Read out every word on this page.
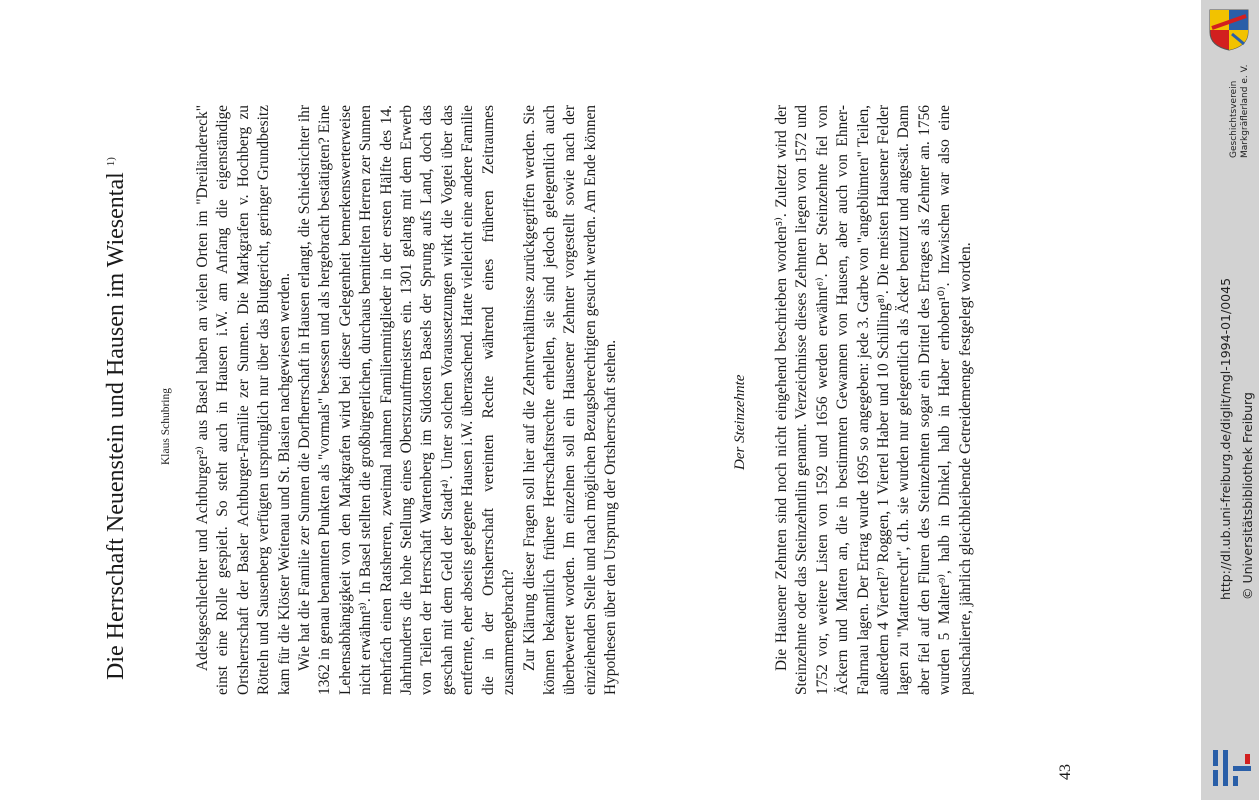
Die Herrschaft Neuenstein und Hausen im Wiesental $^{1)}$
Klaus Schubring Adelsgeschlechter und Achtburger²⁾ aus Basel haben an vielen Orten im "Dreiländereck" einst eine Rolle gespielt. So steht auch in Hausen i.W. am Anfang die eigenständige Ortsherrschaft der Basler Achtburger-Familie zer Sunnen. Die Markgrafen v. Hochberg zu Rötteln und Sausenberg verfügten ursprünglich nur über das Blutgericht, geringer Grundbesitz kam für die Klöster Weitenau und St. Blasien nachgewiesen werden. Wie hat die Familie zer Sunnen die Dorfherrschaft in Hausen erlangt, die Schiedsrichter ihr 1362 in genau benannten Punkten als "vormals" besessen und als hergebracht bestätigten? Eine Lehensabhängigkeit von den Markgrafen wird bei dieser Gelegenheit bemerkenswerterweise nicht erwähnt³⁾. In Basel stellten die großbürgerlichen, durchaus bemittelten Herren zer Sunnen mehrfach einen Ratsherren, zweimal nahmen Familienmitglieder in der ersten Hälfte des 14. Jahrhunderts die hohe Stellung eines Oberstzunftmeisters ein. 1301 gelang mit dem Erwerb von Teilen der Herrschaft Wartenberg im Südosten Basels der Sprung aufs Land, doch das geschah mit dem Geld der Stadt⁴⁾. Unter solchen Voraussetzungen wirkt die Vogtei über das entfernte, eher abseits gelegene Hausen i.W. überraschend. Hatte vielleicht eine andere Familie die in der Ortsherrschaft vereinten Rechte während eines früheren Zeitraumes zusammengebracht? Zur Klärung dieser Fragen soll hier auf die Zehntverhältnisse zurückgegriffen werden. Sie können bekanntlich frühere Herrschaftsrechte erhellen, sie sind jedoch gelegentlich auch überbewertet worden. Im einzelnen soll ein Hausener Zehnter vorgestellt sowie nach der einziehenden Stelle und nach möglichen Bezugsberechtigten gesucht werden. Am Ende können Hypothesen über den Ursprung der Ortsherrschaft stehen.	Der Steinzehnte Die Hausener Zehnten sind noch nicht eingehend beschrieben worden⁵⁾. Zuletzt wird der Steinzehnte oder das Steinzehntlin genannt. Verzeichnisse dieses Zehnten liegen von 1572 und 1752 vor, weitere Listen von 1592 und 1656 werden erwähnt⁶⁾. Der Steinzehnte fiel von Äckern und Matten an, die in bestimmten Gewannen von Hausen, aber auch von Ehner-Fahrnau lagen. Der Ertrag wurde 1695 so angegeben: jede 3. Garbe von "angeblümten" Teilen, außerdem 4 Viertel⁷⁾ Roggen, 1 Viertel Haber und 10 Schilling⁸⁾. Die meisten Hausener Felder lagen zu "Mattenrecht", d.h. sie wurden nur gelegentlich als Äcker benutzt und angesät. Dann aber fiel auf den Fluren des Steinzehnten sogar ein Drittel des Ertrages als Zehnter an. 1756 wurden 5 Malter⁹⁾, halb in Dinkel, halb in Haber erhoben¹⁰⁾. Inzwischen war also eine pauschalierte, jährlich gleichbleibende Getreidemenge festgelegt worden.

43
Geschichtsverein Markgräflerland e. V.
http://dl.ub.uni-freiburg.de/diglit/mgl-1994-01/0045 © Universitätsbibliothek Freiburg
